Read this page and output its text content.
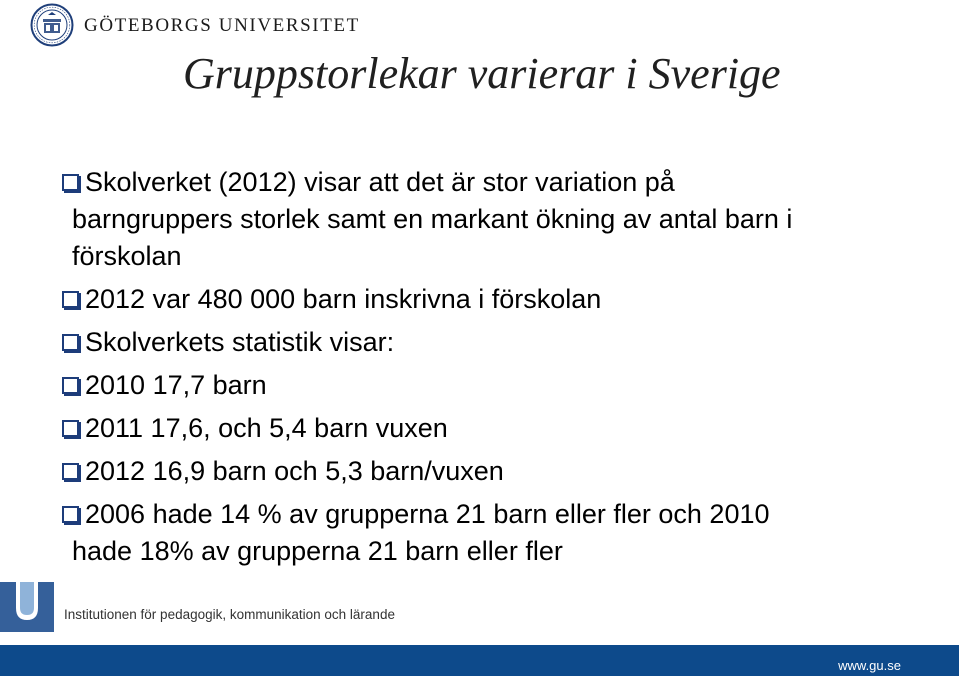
GÖTEBORGS UNIVERSITET
Gruppstorlekar varierar i Sverige
Skolverket (2012) visar att det är stor variation på
barngruppers storlek samt en markant ökning av antal barn i
förskolan
2012 var 480 000 barn inskrivna i förskolan
Skolverkets statistik visar:
2010 17,7 barn
2011 17,6, och 5,4 barn vuxen
2012 16,9 barn och 5,3 barn/vuxen
2006 hade 14 % av grupperna 21 barn eller fler och 2010
hade 18% av grupperna 21 barn eller fler
Institutionen för pedagogik, kommunikation och lärande
www.gu.se
